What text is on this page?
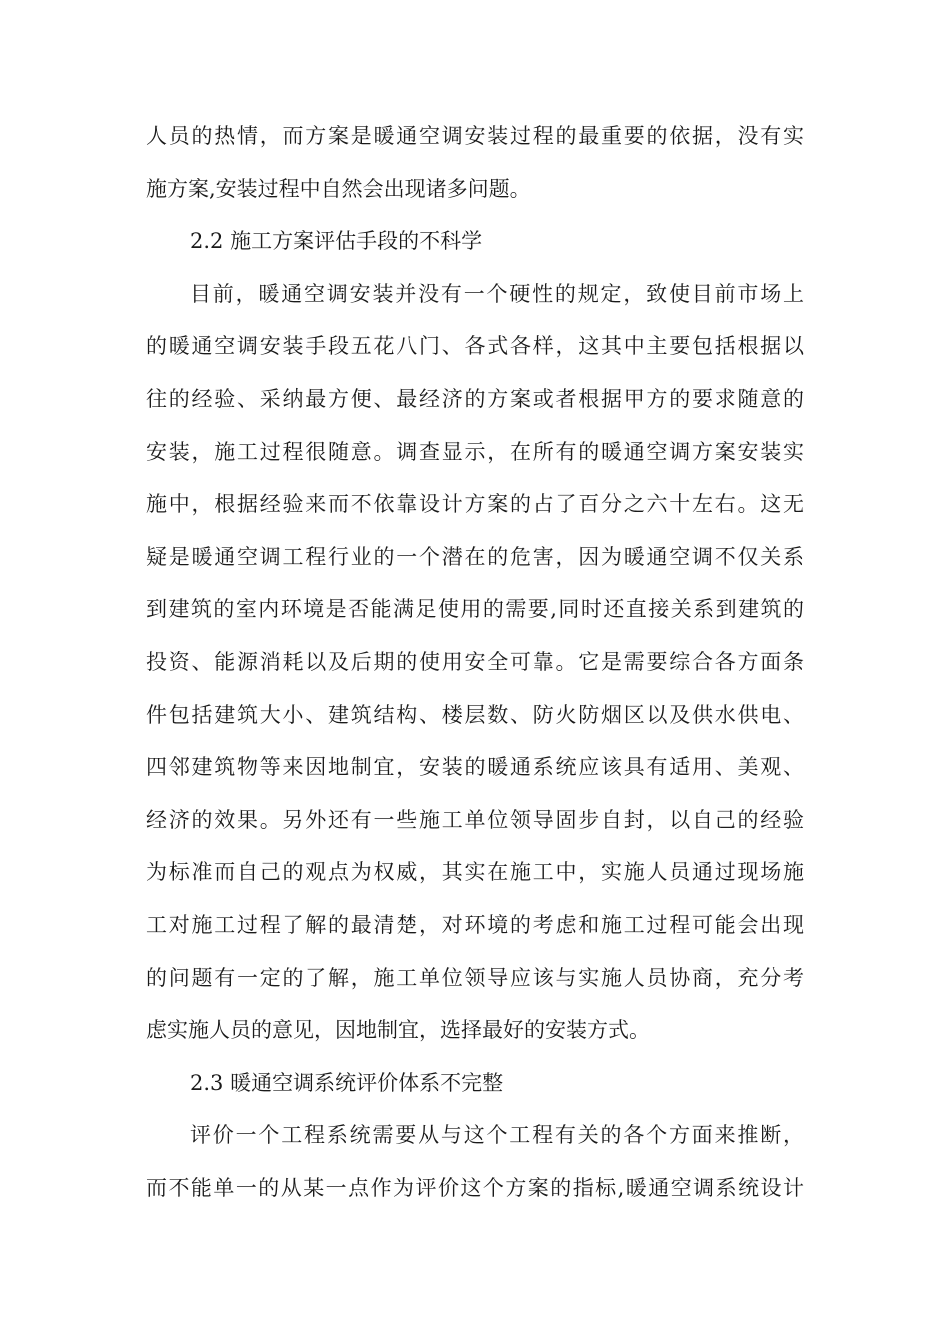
人员的热情，而方案是暖通空调安装过程的最重要的依据，没有实
施方案,安装过程中自然会出现诸多问题。
2.2 施工方案评估手段的不科学
目前，暖通空调安装并没有一个硬性的规定，致使目前市场上
的暖通空调安装手段五花八门、各式各样，这其中主要包括根据以
往的经验、采纳最方便、最经济的方案或者根据甲方的要求随意的
安装，施工过程很随意。调查显示，在所有的暖通空调方案安装实
施中，根据经验来而不依靠设计方案的占了百分之六十左右。这无
疑是暖通空调工程行业的一个潜在的危害，因为暖通空调不仅关系
到建筑的室内环境是否能满足使用的需要,同时还直接关系到建筑的
投资、能源消耗以及后期的使用安全可靠。它是需要综合各方面条
件包括建筑大小、建筑结构、楼层数、防火防烟区以及供水供电、
四邻建筑物等来因地制宜，安装的暖通系统应该具有适用、美观、
经济的效果。另外还有一些施工单位领导固步自封，以自己的经验
为标准而自己的观点为权威，其实在施工中，实施人员通过现场施
工对施工过程了解的最清楚，对环境的考虑和施工过程可能会出现
的问题有一定的了解，施工单位领导应该与实施人员协商，充分考
虑实施人员的意见，因地制宜，选择最好的安装方式。
2.3 暖通空调系统评价体系不完整
评价一个工程系统需要从与这个工程有关的各个方面来推断，
而不能单一的从某一点作为评价这个方案的指标,暖通空调系统设计
